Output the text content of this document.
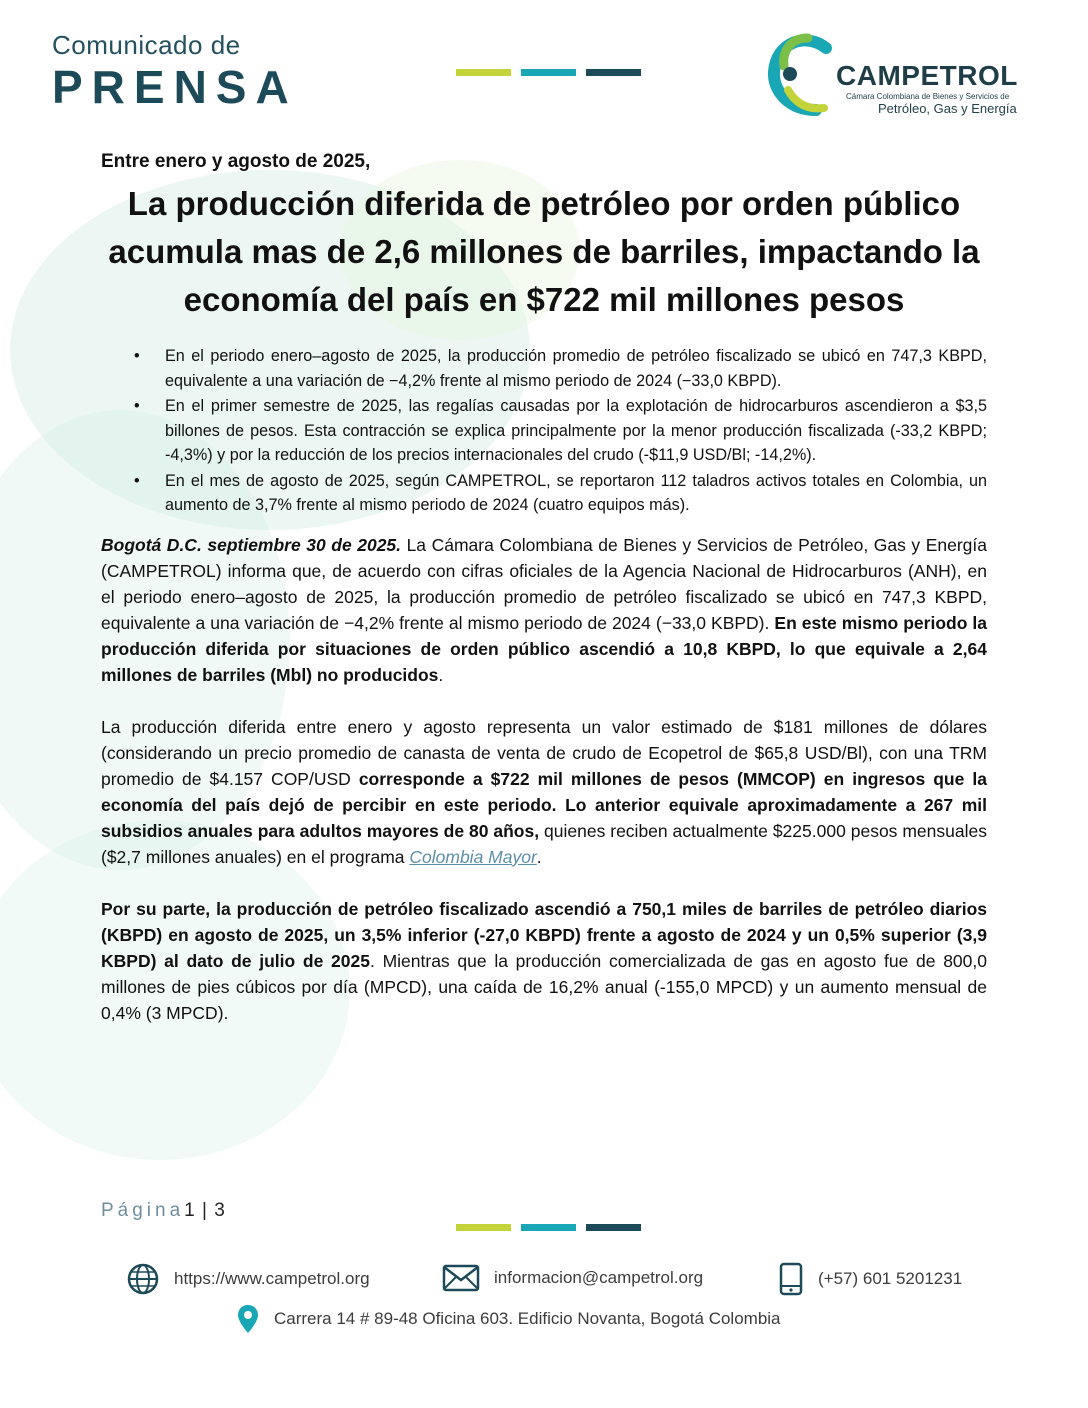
Comunicado de
PRENSA	CAMPETROL
Cámara Colombiana de Bienes y Servicios de
Petróleo, Gas y Energía

Entre enero y agosto de 2025,

La producción diferida de petróleo por orden público acumula mas de 2,6 millones de barriles, impactando la economía del país en $722 mil millones pesos
• En el periodo enero–agosto de 2025, la producción promedio de petróleo fiscalizado se ubicó en 747,3 KBPD, equivalente a una variación de −4,2% frente al mismo periodo de 2024 (−33,0 KBPD).
• En el primer semestre de 2025, las regalías causadas por la explotación de hidrocarburos ascendieron a $3,5 billones de pesos. Esta contracción se explica principalmente por la menor producción fiscalizada (-33,2 KBPD; -4,3%) y por la reducción de los precios internacionales del crudo (-$11,9 USD/Bl; -14,2%).
• En el mes de agosto de 2025, según CAMPETROL, se reportaron 112 taladros activos totales en Colombia, un aumento de 3,7% frente al mismo periodo de 2024 (cuatro equipos más).

Bogotá D.C. septiembre 30 de 2025. La Cámara Colombiana de Bienes y Servicios de Petróleo, Gas y Energía (CAMPETROL) informa que, de acuerdo con cifras oficiales de la Agencia Nacional de Hidrocarburos (ANH), en el periodo enero–agosto de 2025, la producción promedio de petróleo fiscalizado se ubicó en 747,3 KBPD, equivalente a una variación de −4,2% frente al mismo periodo de 2024 (−33,0 KBPD). En este mismo periodo la producción diferida por situaciones de orden público ascendió a 10,8 KBPD, lo que equivale a 2,64 millones de barriles (Mbl) no producidos.

La producción diferida entre enero y agosto representa un valor estimado de $181 millones de dólares (considerando un precio promedio de canasta de venta de crudo de Ecopetrol de $65,8 USD/Bl), con una TRM promedio de $4.157 COP/USD corresponde a $722 mil millones de pesos (MMCOP) en ingresos que la economía del país dejó de percibir en este periodo. Lo anterior equivale aproximadamente a 267 mil subsidios anuales para adultos mayores de 80 años, quienes reciben actualmente $225.000 pesos mensuales ($2,7 millones anuales) en el programa Colombia Mayor.

Por su parte, la producción de petróleo fiscalizado ascendió a 750,1 miles de barriles de petróleo diarios (KBPD) en agosto de 2025, un 3,5% inferior (-27,0 KBPD) frente a agosto de 2024 y un 0,5% superior (3,9 KBPD) al dato de julio de 2025. Mientras que la producción comercializada de gas en agosto fue de 800,0 millones de pies cúbicos por día (MPCD), una caída de 16,2% anual (-155,0 MPCD) y un aumento mensual de 0,4% (3 MPCD).

Página1 | 3
https://www.campetrol.org	informacion@campetrol.org	(+57) 601 5201231
Carrera 14 # 89-48 Oficina 603. Edificio Novanta, Bogotá Colombia
